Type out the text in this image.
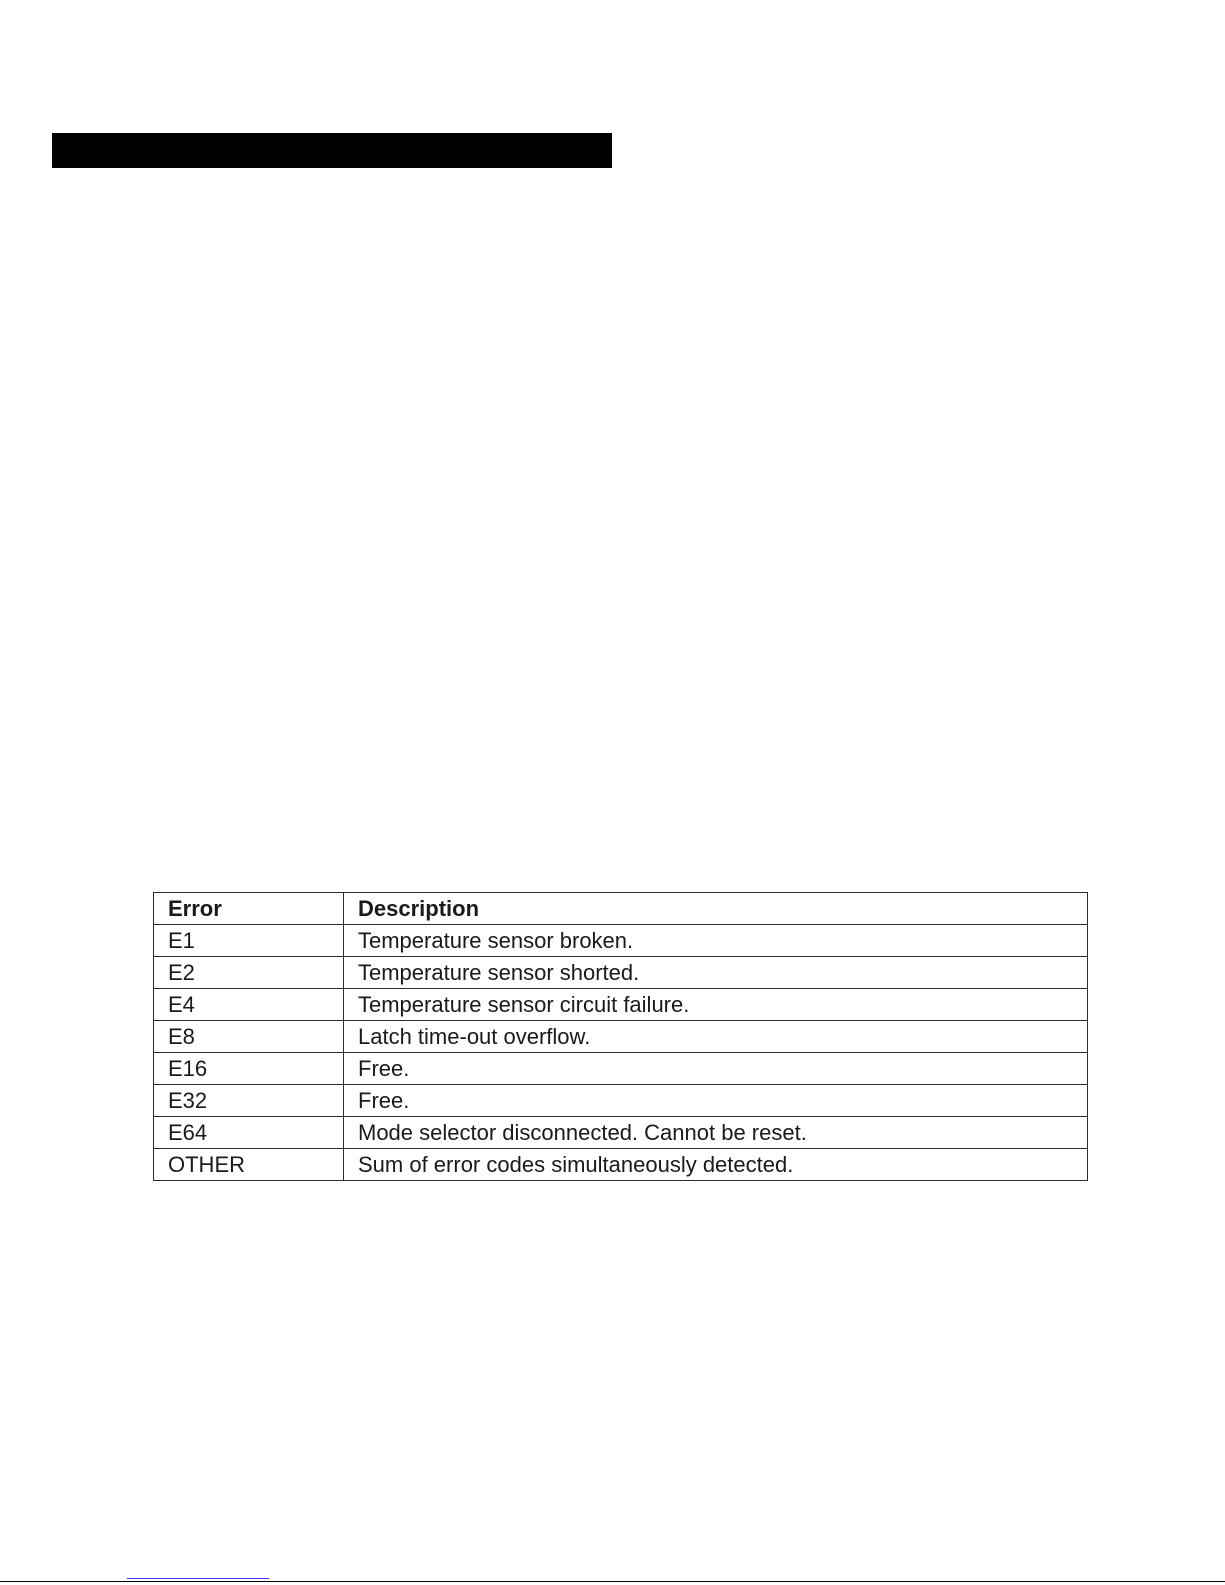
Error	Description
E1	Temperature sensor broken.
E2	Temperature sensor shorted.
E4	Temperature sensor circuit failure.
E8	Latch time-out overflow.
E16	Free.
E32	Free.
E64	Mode selector disconnected. Cannot be reset.
OTHER	Sum of error codes simultaneously detected.
